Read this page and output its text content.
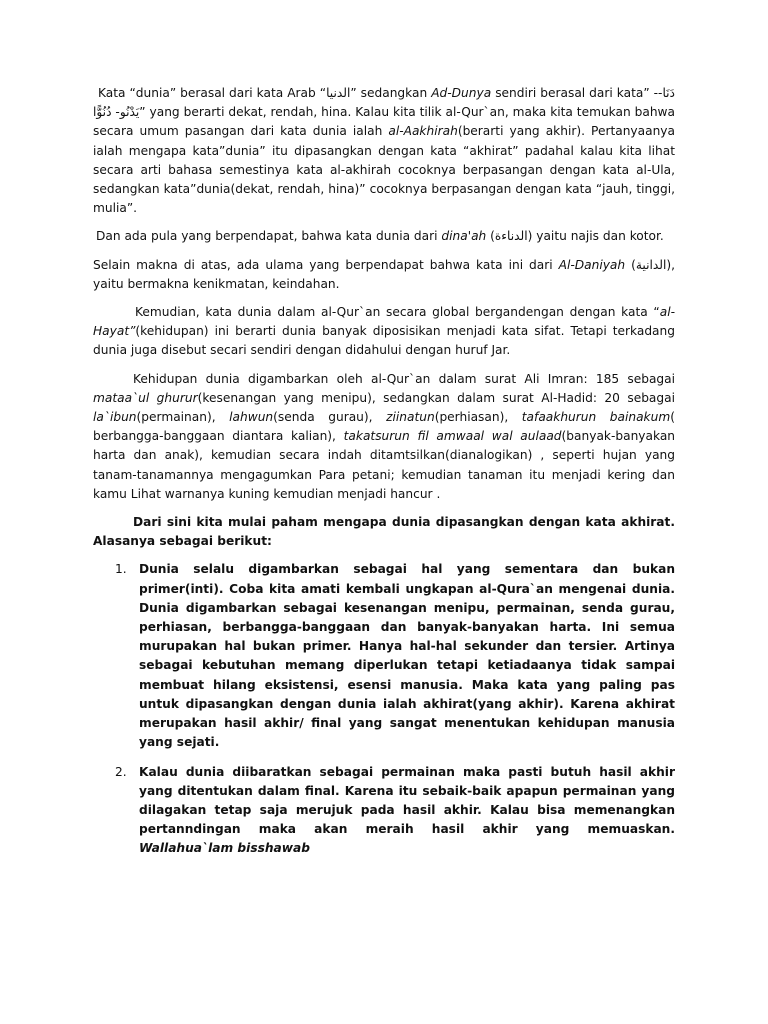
Kata “dunia” berasal dari kata Arab “الدنيا” sedangkan Ad-Dunya sendiri berasal dari kata” -دَنَا- يَدْنُو- دُنُوًّا” yang berarti dekat, rendah, hina. Kalau kita tilik al-Qur`an, maka kita temukan bahwa secara umum pasangan dari kata dunia ialah al-Aakhirah(berarti yang akhir). Pertanyaanya ialah mengapa kata”dunia” itu dipasangkan dengan kata “akhirat” padahal kalau kita lihat secara arti bahasa semestinya kata al-akhirah cocoknya berpasangan dengan kata al-Ula, sedangkan kata”dunia(dekat, rendah, hina)” cocoknya berpasangan dengan kata “jauh, tinggi, mulia”.

Dan ada pula yang berpendapat, bahwa kata dunia dari dina'ah (الدناءة) yaitu najis dan kotor.

Selain makna di atas, ada ulama yang berpendapat bahwa kata ini dari Al-Daniyah (الدانية), yaitu bermakna kenikmatan, keindahan.

Kemudian, kata dunia dalam al-Qur`an secara global bergandengan dengan kata “al-Hayat”(kehidupan) ini berarti dunia banyak diposisikan menjadi kata sifat. Tetapi terkadang dunia juga disebut secari sendiri dengan didahului dengan huruf Jar.

Kehidupan dunia digambarkan oleh al-Qur`an dalam surat Ali Imran: 185 sebagai mataa`ul ghurur(kesenangan yang menipu), sedangkan dalam surat Al-Hadid: 20 sebagai la`ibun(permainan), lahwun(senda gurau), ziinatun(perhiasan), tafaakhurun bainakum( berbangga-banggaan diantara kalian), takatsurun fil amwaal wal aulaad(banyak-banyakan harta dan anak), kemudian secara indah ditamtsilkan(dianalogikan) , seperti hujan yang tanam-tanamannya mengagumkan Para petani; kemudian tanaman itu menjadi kering dan kamu Lihat warnanya kuning kemudian menjadi hancur .

Dari sini kita mulai paham mengapa dunia dipasangkan dengan kata akhirat. Alasanya sebagai berikut:

1. Dunia selalu digambarkan sebagai hal yang sementara dan bukan primer(inti). Coba kita amati kembali ungkapan al-Qura`an mengenai dunia. Dunia digambarkan sebagai kesenangan menipu, permainan, senda gurau, perhiasan, berbangga-banggaan dan banyak-banyakan harta. Ini semua murupakan hal bukan primer. Hanya hal-hal sekunder dan tersier. Artinya sebagai kebutuhan memang diperlukan tetapi ketiadaanya tidak sampai membuat hilang eksistensi, esensi manusia. Maka kata yang paling pas untuk dipasangkan dengan dunia ialah akhirat(yang akhir). Karena akhirat merupakan hasil akhir/ final yang sangat menentukan kehidupan manusia yang sejati.
2. Kalau dunia diibaratkan sebagai permainan maka pasti butuh hasil akhir yang ditentukan dalam final. Karena itu sebaik-baik apapun permainan yang dilagakan tetap saja merujuk pada hasil akhir. Kalau bisa memenangkan pertanndingan maka akan meraih hasil akhir yang memuaskan. Wallahua`lam bisshawab
